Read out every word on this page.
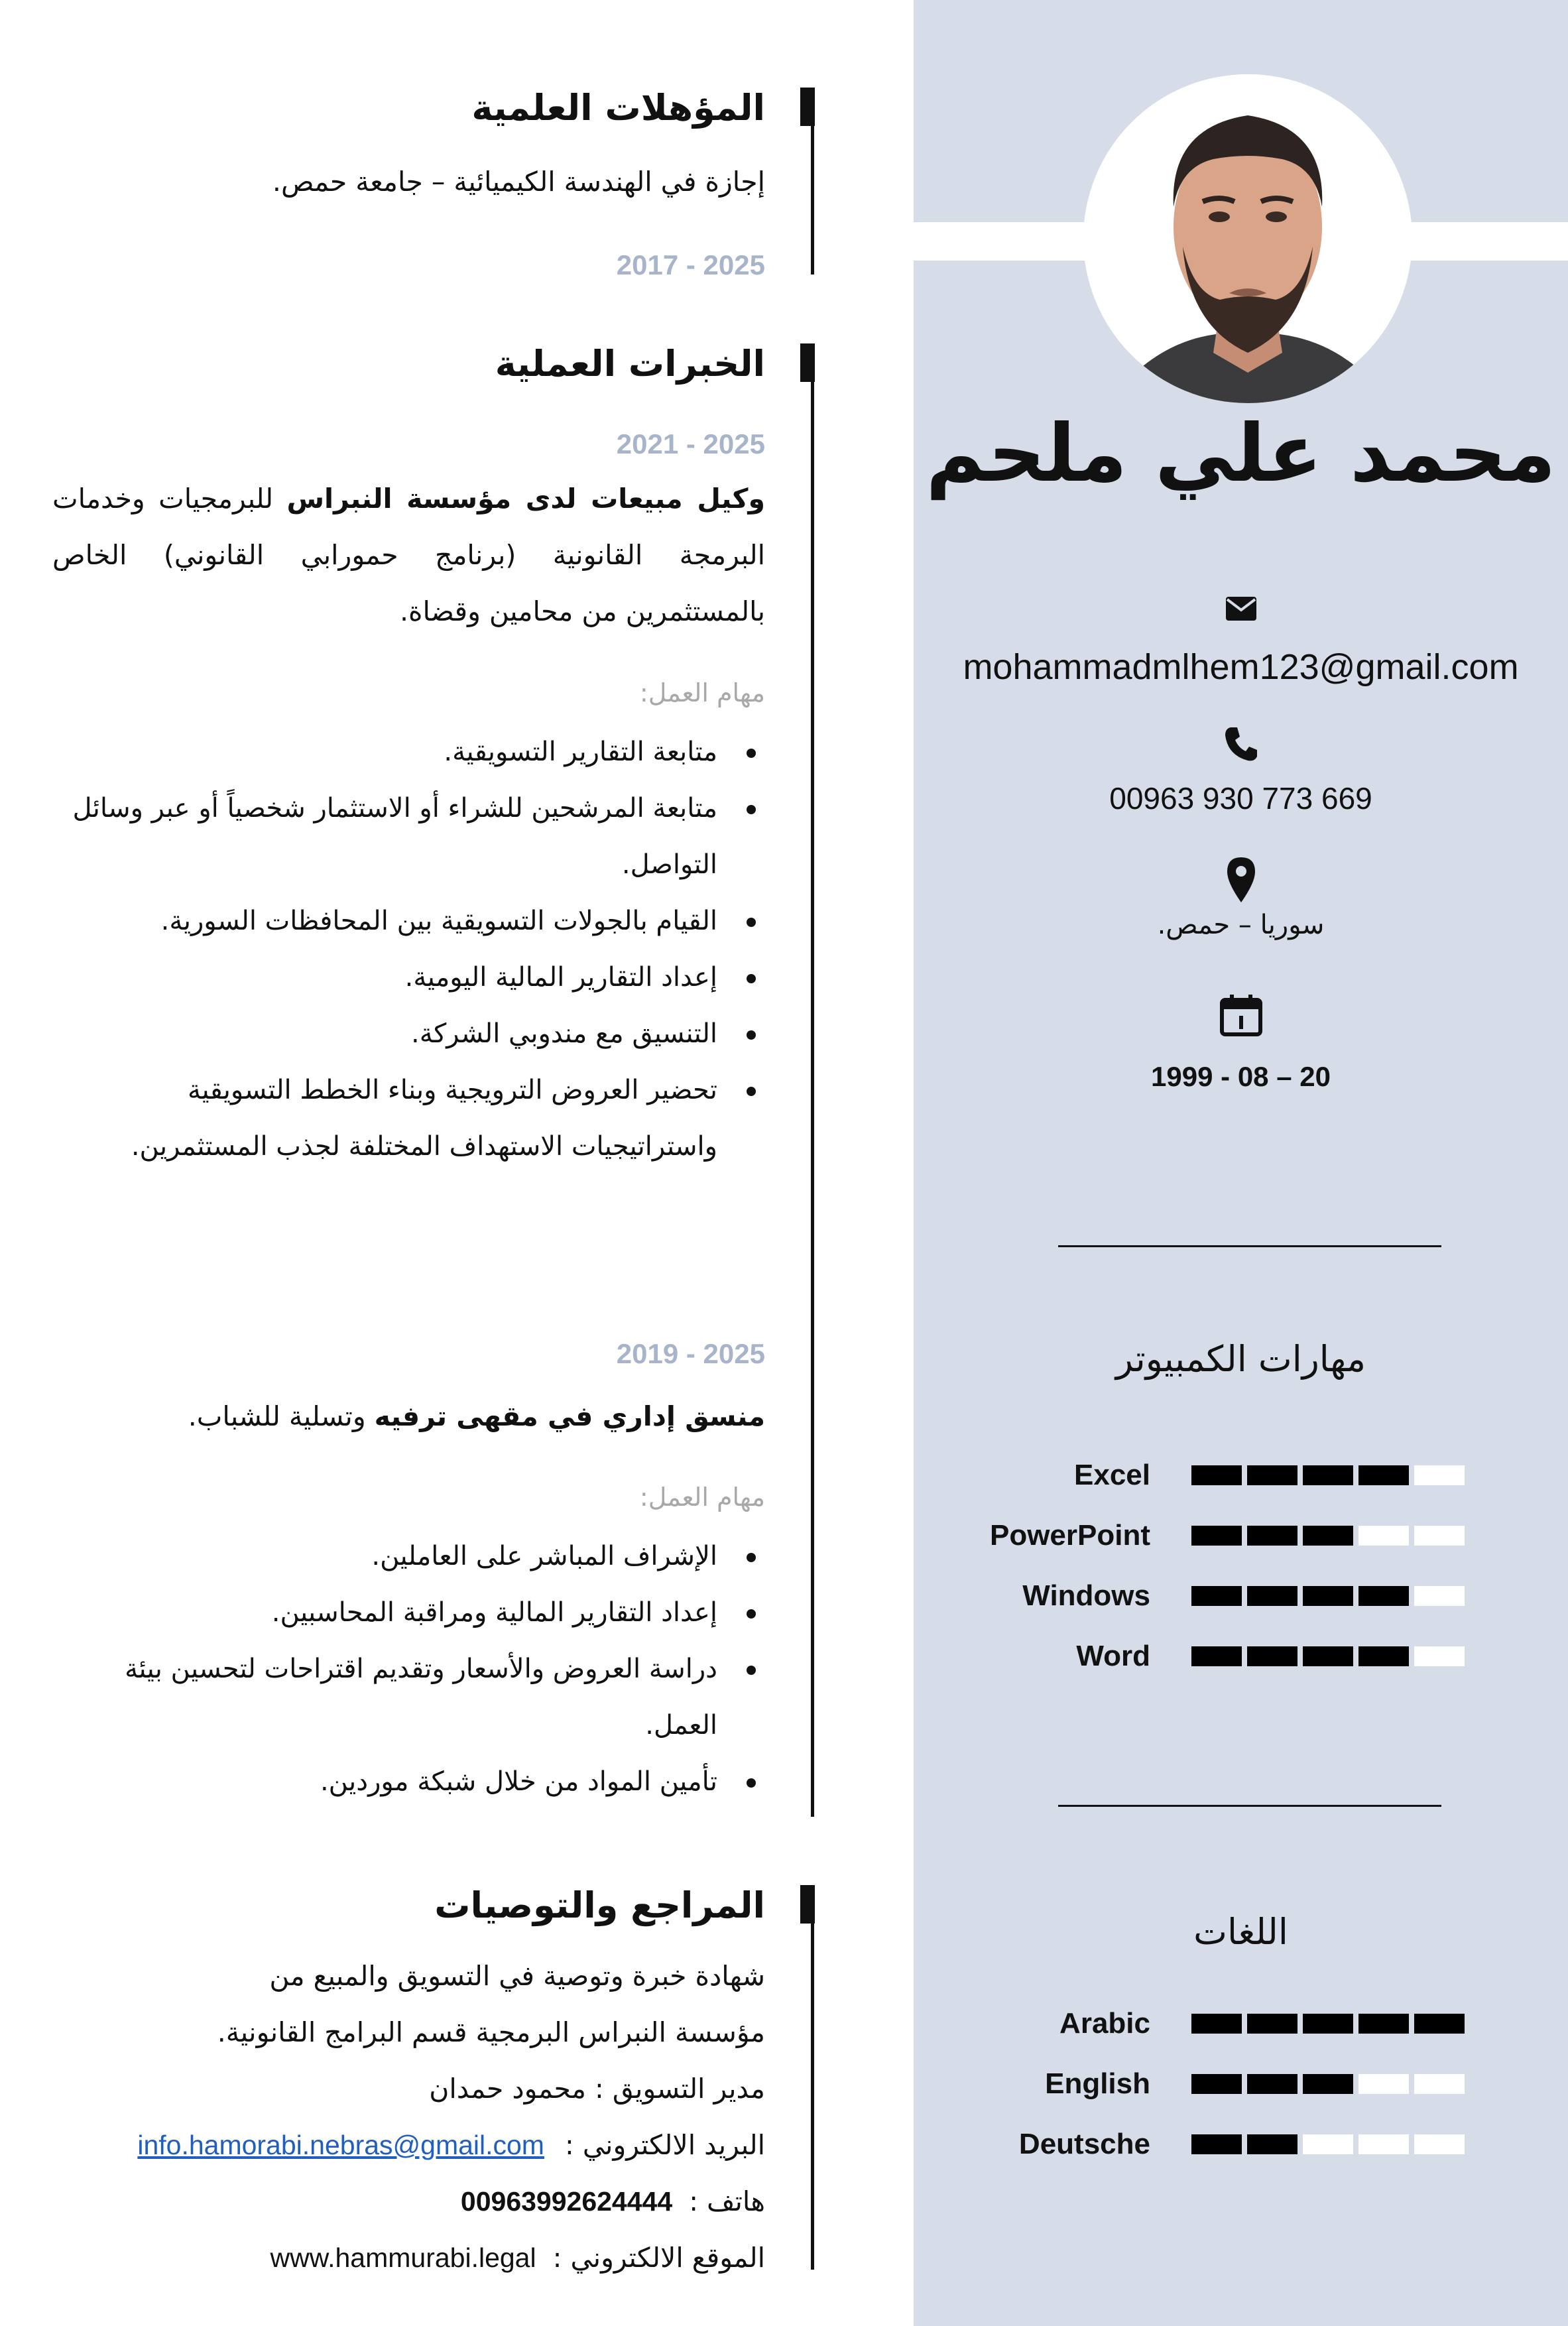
محمد علي ملحم
mohammadmlhem123@gmail.com
00963 930 773 669
سوريا – حمص.
20 – 08 - 1999
مهارات الكمبيوتر
Excel
PowerPoint
Windows
Word
اللغات
Arabic
English
Deutsche
المؤهلات العلمية
إجازة في الهندسة الكيميائية – جامعة حمص.
2017 - 2025
الخبرات العملية
2021 - 2025
وكيل مبيعات لدى مؤسسة النبراس للبرمجيات وخدمات البرمجة القانونية (برنامج حمورابي القانوني) الخاص بالمستثمرين من محامين وقضاة.
مهام العمل:
متابعة التقارير التسويقية.
متابعة المرشحين للشراء أو الاستثمار شخصياً أو عبر وسائل التواصل.
القيام بالجولات التسويقية بين المحافظات السورية.
إعداد التقارير المالية اليومية.
التنسيق مع مندوبي الشركة.
تحضير العروض الترويجية وبناء الخطط التسويقية واستراتيجيات الاستهداف المختلفة لجذب المستثمرين.
2019 - 2025
منسق إداري في مقهى ترفيه وتسلية للشباب.
مهام العمل:
الإشراف المباشر على العاملين.
إعداد التقارير المالية ومراقبة المحاسبين.
دراسة العروض والأسعار وتقديم اقتراحات لتحسين بيئة العمل.
تأمين المواد من خلال شبكة موردين.
المراجع والتوصيات
شهادة خبرة وتوصية في التسويق والمبيع من
مؤسسة النبراس البرمجية قسم البرامج القانونية.
مدير التسويق : محمود حمدان
البريد الالكتروني : info.hamorabi.nebras@gmail.com
هاتف : 00963992624444
الموقع الالكتروني : www.hammurabi.legal
